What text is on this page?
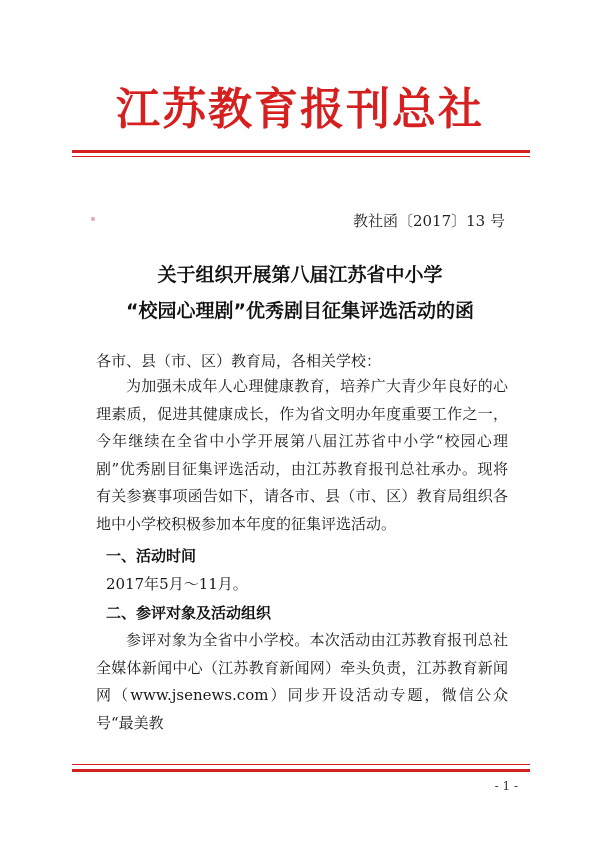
江苏教育报刊总社
教社函〔2017〕13 号
关于组织开展第八届江苏省中小学
“校园心理剧”优秀剧目征集评选活动的函
各市、县（市、区）教育局，各相关学校：
为加强未成年人心理健康教育，培养广大青少年良好的心理素质，促进其健康成长，作为省文明办年度重要工作之一，今年继续在全省中小学开展第八届江苏省中小学“校园心理剧”优秀剧目征集评选活动，由江苏教育报刊总社承办。现将有关参赛事项函告如下，请各市、县（市、区）教育局组织各地中小学校积极参加本年度的征集评选活动。
一、活动时间
2017年5月～11月。
二、参评对象及活动组织
参评对象为全省中小学校。本次活动由江苏教育报刊总社全媒体新闻中心（江苏教育新闻网）牵头负责，江苏教育新闻网（www.jsenews.com）同步开设活动专题，微信公众号“最美教
- 1 -
